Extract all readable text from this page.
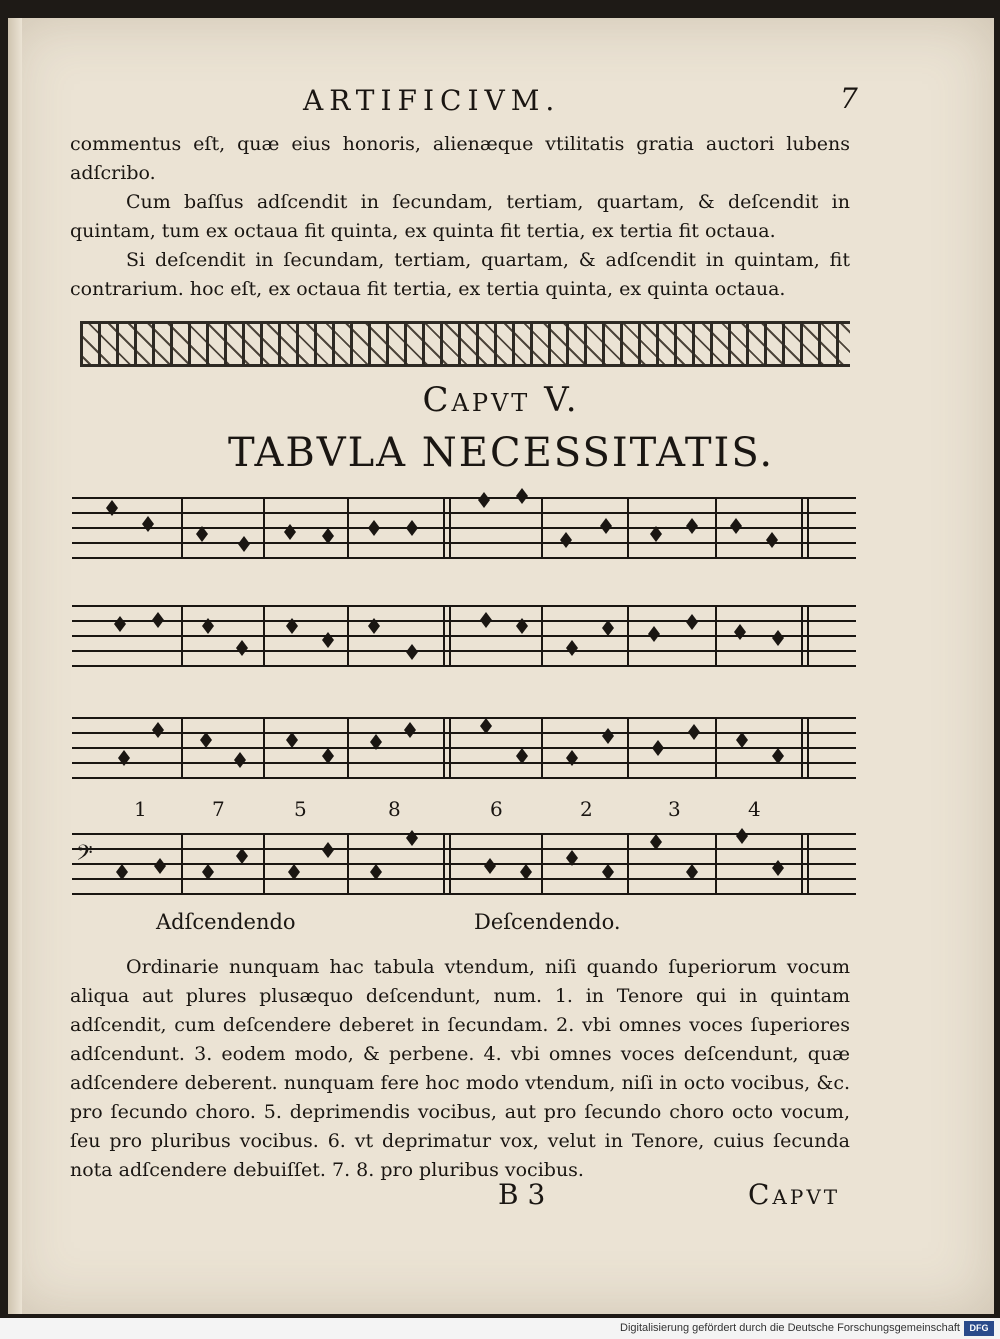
ARTIFICIVM.	7

commentus eſt, quæ eius honoris, alienæque vtilitatis gratia auctori lubens adſcribo.

Cum baſſus adſcendit in ſecundam, tertiam, quartam, & deſcendit in quintam, tum ex octaua fit quinta, ex quinta fit tertia, ex tertia fit octaua.

Si deſcendit in ſecundam, tertiam, quartam, & adſcendit in quintam, fit contrarium. hoc eſt, ex octaua fit tertia, ex tertia quinta, ex quinta octaua.

Capvt V.
TABVLA NECESSITATIS.
1	7	5	8	6	2	3	4
𝄢
Adſcendendo	Deſcendendo.
Ordinarie nunquam hac tabula vtendum, niſi quando ſuperiorum vocum aliqua aut plures plusæquo deſcendunt, num. 1. in Tenore qui in quintam adſcendit, cum deſcendere deberet in ſecundam. 2. vbi omnes voces ſuperiores adſcendunt. 3. eodem modo, & perbene. 4. vbi omnes voces deſcendunt, quæ adſcendere deberent. nunquam fere hoc modo vtendum, niſi in octo vocibus, &c. pro ſecundo choro. 5. deprimendis vocibus, aut pro ſecundo choro octo vocum, ſeu pro pluribus vocibus. 6. vt deprimatur vox, velut in Tenore, cuius ſecunda nota adſcendere debuiſſet. 7. 8. pro pluribus vocibus.
B 3	Capvt
Digitalisierung gefördert durch die Deutsche Forschungsgemeinschaft	DFG
